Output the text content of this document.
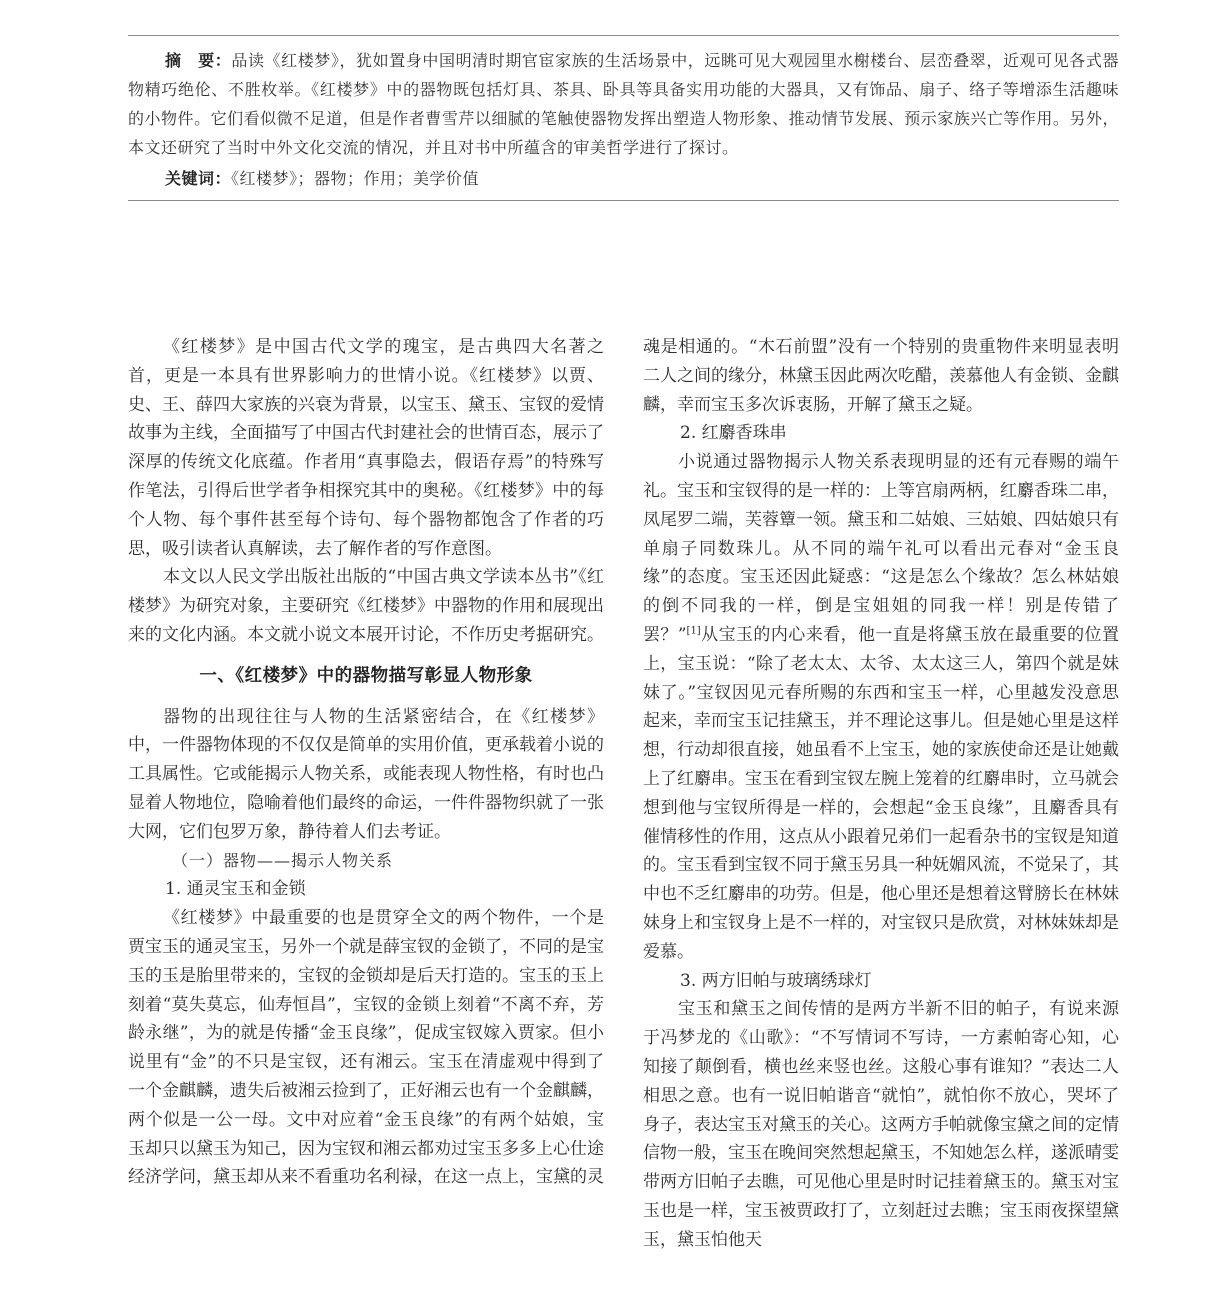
摘　要：品读《红楼梦》，犹如置身中国明清时期官宦家族的生活场景中，远眺可见大观园里水榭楼台、层峦叠翠，近观可见各式器物精巧绝伦、不胜枚举。《红楼梦》中的器物既包括灯具、茶具、卧具等具备实用功能的大器具，又有饰品、扇子、络子等增添生活趣味的小物件。它们看似微不足道，但是作者曹雪芹以细腻的笔触使器物发挥出塑造人物形象、推动情节发展、预示家族兴亡等作用。另外，本文还研究了当时中外文化交流的情况，并且对书中所蕴含的审美哲学进行了探讨。

关键词：《红楼梦》；器物；作用；美学价值

《红楼梦》是中国古代文学的瑰宝，是古典四大名著之首，更是一本具有世界影响力的世情小说。《红楼梦》以贾、史、王、薛四大家族的兴衰为背景，以宝玉、黛玉、宝钗的爱情故事为主线，全面描写了中国古代封建社会的世情百态，展示了深厚的传统文化底蕴。作者用“真事隐去，假语存焉”的特殊写作笔法，引得后世学者争相探究其中的奥秘。《红楼梦》中的每个人物、每个事件甚至每个诗句、每个器物都饱含了作者的巧思，吸引读者认真解读，去了解作者的写作意图。

本文以人民文学出版社出版的“中国古典文学读本丛书”《红楼梦》为研究对象，主要研究《红楼梦》中器物的作用和展现出来的文化内涵。本文就小说文本展开讨论，不作历史考据研究。

一、《红楼梦》中的器物描写彰显人物形象

器物的出现往往与人物的生活紧密结合，在《红楼梦》中，一件器物体现的不仅仅是简单的实用价值，更承载着小说的工具属性。它或能揭示人物关系，或能表现人物性格，有时也凸显着人物地位，隐喻着他们最终的命运，一件件器物织就了一张大网，它们包罗万象，静待着人们去考证。

（一）器物——揭示人物关系

1. 通灵宝玉和金锁

《红楼梦》中最重要的也是贯穿全文的两个物件，一个是贾宝玉的通灵宝玉，另外一个就是薛宝钗的金锁了，不同的是宝玉的玉是胎里带来的，宝钗的金锁却是后天打造的。宝玉的玉上刻着“莫失莫忘，仙寿恒昌”，宝钗的金锁上刻着“不离不弃，芳龄永继”，为的就是传播“金玉良缘”，促成宝钗嫁入贾家。但小说里有“金”的不只是宝钗，还有湘云。宝玉在清虚观中得到了一个金麒麟，遗失后被湘云捡到了，正好湘云也有一个金麒麟，两个似是一公一母。文中对应着“金玉良缘”的有两个姑娘，宝玉却只以黛玉为知己，因为宝钗和湘云都劝过宝玉多多上心仕途经济学问，黛玉却从来不看重功名利禄，在这一点上，宝黛的灵

魂是相通的。“木石前盟”没有一个特别的贵重物件来明显表明二人之间的缘分，林黛玉因此两次吃醋，羡慕他人有金锁、金麒麟，幸而宝玉多次诉衷肠，开解了黛玉之疑。

2. 红麝香珠串

小说通过器物揭示人物关系表现明显的还有元春赐的端午礼。宝玉和宝钗得的是一样的：上等宫扇两柄，红麝香珠二串，凤尾罗二端，芙蓉簟一领。黛玉和二姑娘、三姑娘、四姑娘只有单扇子同数珠儿。从不同的端午礼可以看出元春对“金玉良缘”的态度。宝玉还因此疑惑：“这是怎么个缘故？怎么林姑娘的倒不同我的一样，倒是宝姐姐的同我一样！别是传错了罢？”[1]从宝玉的内心来看，他一直是将黛玉放在最重要的位置上，宝玉说：“除了老太太、太爷、太太这三人，第四个就是妹妹了。”宝钗因见元春所赐的东西和宝玉一样，心里越发没意思起来，幸而宝玉记挂黛玉，并不理论这事儿。但是她心里是这样想，行动却很直接，她虽看不上宝玉，她的家族使命还是让她戴上了红麝串。宝玉在看到宝钗左腕上笼着的红麝串时，立马就会想到他与宝钗所得是一样的，会想起“金玉良缘”，且麝香具有催情移性的作用，这点从小跟着兄弟们一起看杂书的宝钗是知道的。宝玉看到宝钗不同于黛玉另具一种妩媚风流，不觉呆了，其中也不乏红麝串的功劳。但是，他心里还是想着这臂膀长在林妹妹身上和宝钗身上是不一样的，对宝钗只是欣赏，对林妹妹却是爱慕。

3. 两方旧帕与玻璃绣球灯

宝玉和黛玉之间传情的是两方半新不旧的帕子，有说来源于冯梦龙的《山歌》：“不写情词不写诗，一方素帕寄心知，心知接了颠倒看，横也丝来竖也丝。这般心事有谁知？”表达二人相思之意。也有一说旧帕谐音“就怕”，就怕你不放心，哭坏了身子，表达宝玉对黛玉的关心。这两方手帕就像宝黛之间的定情信物一般，宝玉在晚间突然想起黛玉，不知她怎么样，遂派晴雯带两方旧帕子去瞧，可见他心里是时时记挂着黛玉的。黛玉对宝玉也是一样，宝玉被贾政打了，立刻赶过去瞧；宝玉雨夜探望黛玉，黛玉怕他天
